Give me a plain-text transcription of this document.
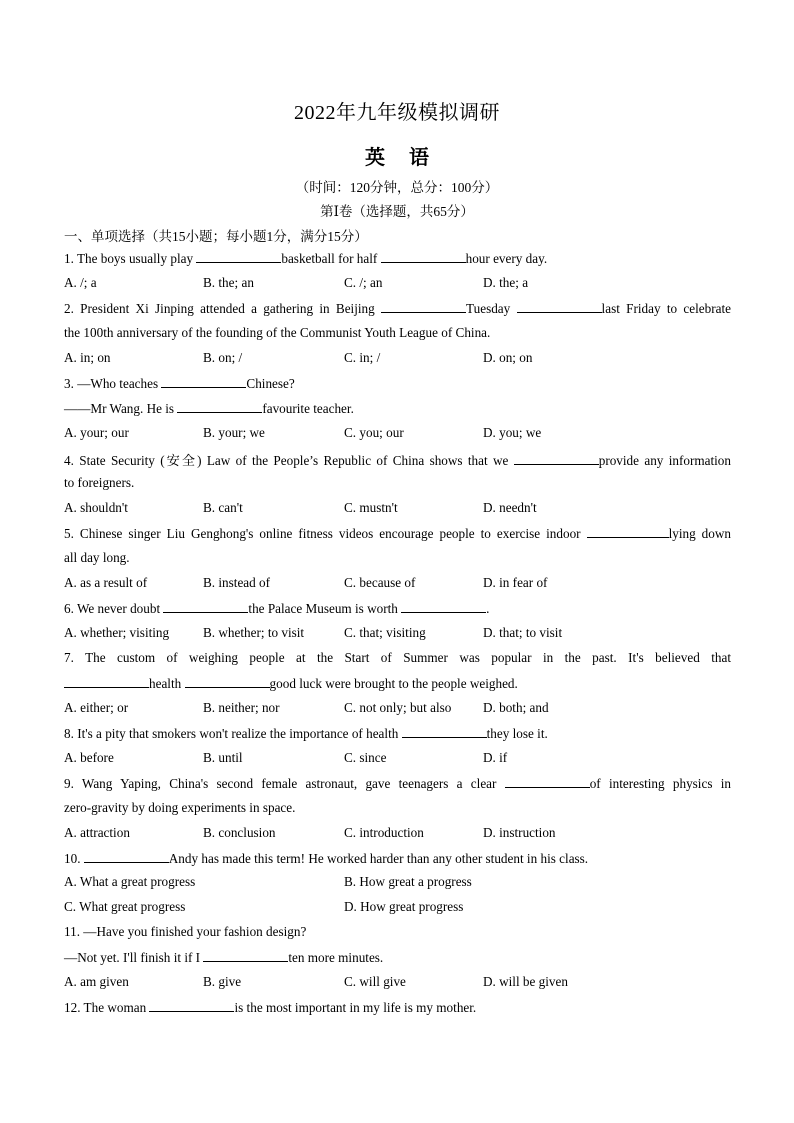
2022年九年级模拟调研
英 语
（时间：120分钟，总分：100分）
第Ⅰ卷（选择题，共65分）
一、单项选择（共15小题；每小题1分，满分15分）
1. The boys usually play	basketball for half	hour every day.
A. /; a	B. the; an	C. /; an	D. the; a
2. President Xi Jinping attended a gathering in Beijing	Tuesday	last Friday to celebrate
the 100th anniversary of the founding of the Communist Youth League of China.
A. in; on	B. on; /	C. in; /	D. on; on
3. —Who teaches	Chinese?
——Mr Wang. He is	favourite teacher.
A. your; our	B. your; we	C. you; our	D. you; we
4. State Security (安全) Law of the People’s Republic of China shows that we	provide any information
to foreigners.
A. shouldn't	B. can't	C. mustn't	D. needn't
5. Chinese singer Liu Genghong's online fitness videos encourage people to exercise indoor	lying down
all day long.
A. as a result of	B. instead of	C. because of	D. in fear of
6. We never doubt	the Palace Museum is worth	.
A. whether; visiting	B. whether; to visit	C. that; visiting	D. that; to visit
7. The custom of weighing people at the Start of Summer was popular in the past. It's believed that
health	good luck were brought to the people weighed.
A. either; or	B. neither; nor	C. not only; but also D. both; and
8. It's a pity that smokers won't realize the importance of health	they lose it.
A. before	B. until	C. since	D. if
9. Wang Yaping, China's second female astronaut, gave teenagers a clear	of interesting physics in
zero-gravity by doing experiments in space.
A. attraction	B. conclusion	C. introduction	D. instruction
10.	Andy has made this term! He worked harder than any other student in his class.
A. What a great progress	B. How great a progress
C. What great progress	D. How great progress
11. —Have you finished your fashion design?
—Not yet. I'll finish it if I	ten more minutes.
A. am given	B. give	C. will give	D. will be given
12. The woman	is the most important in my life is my mother.
